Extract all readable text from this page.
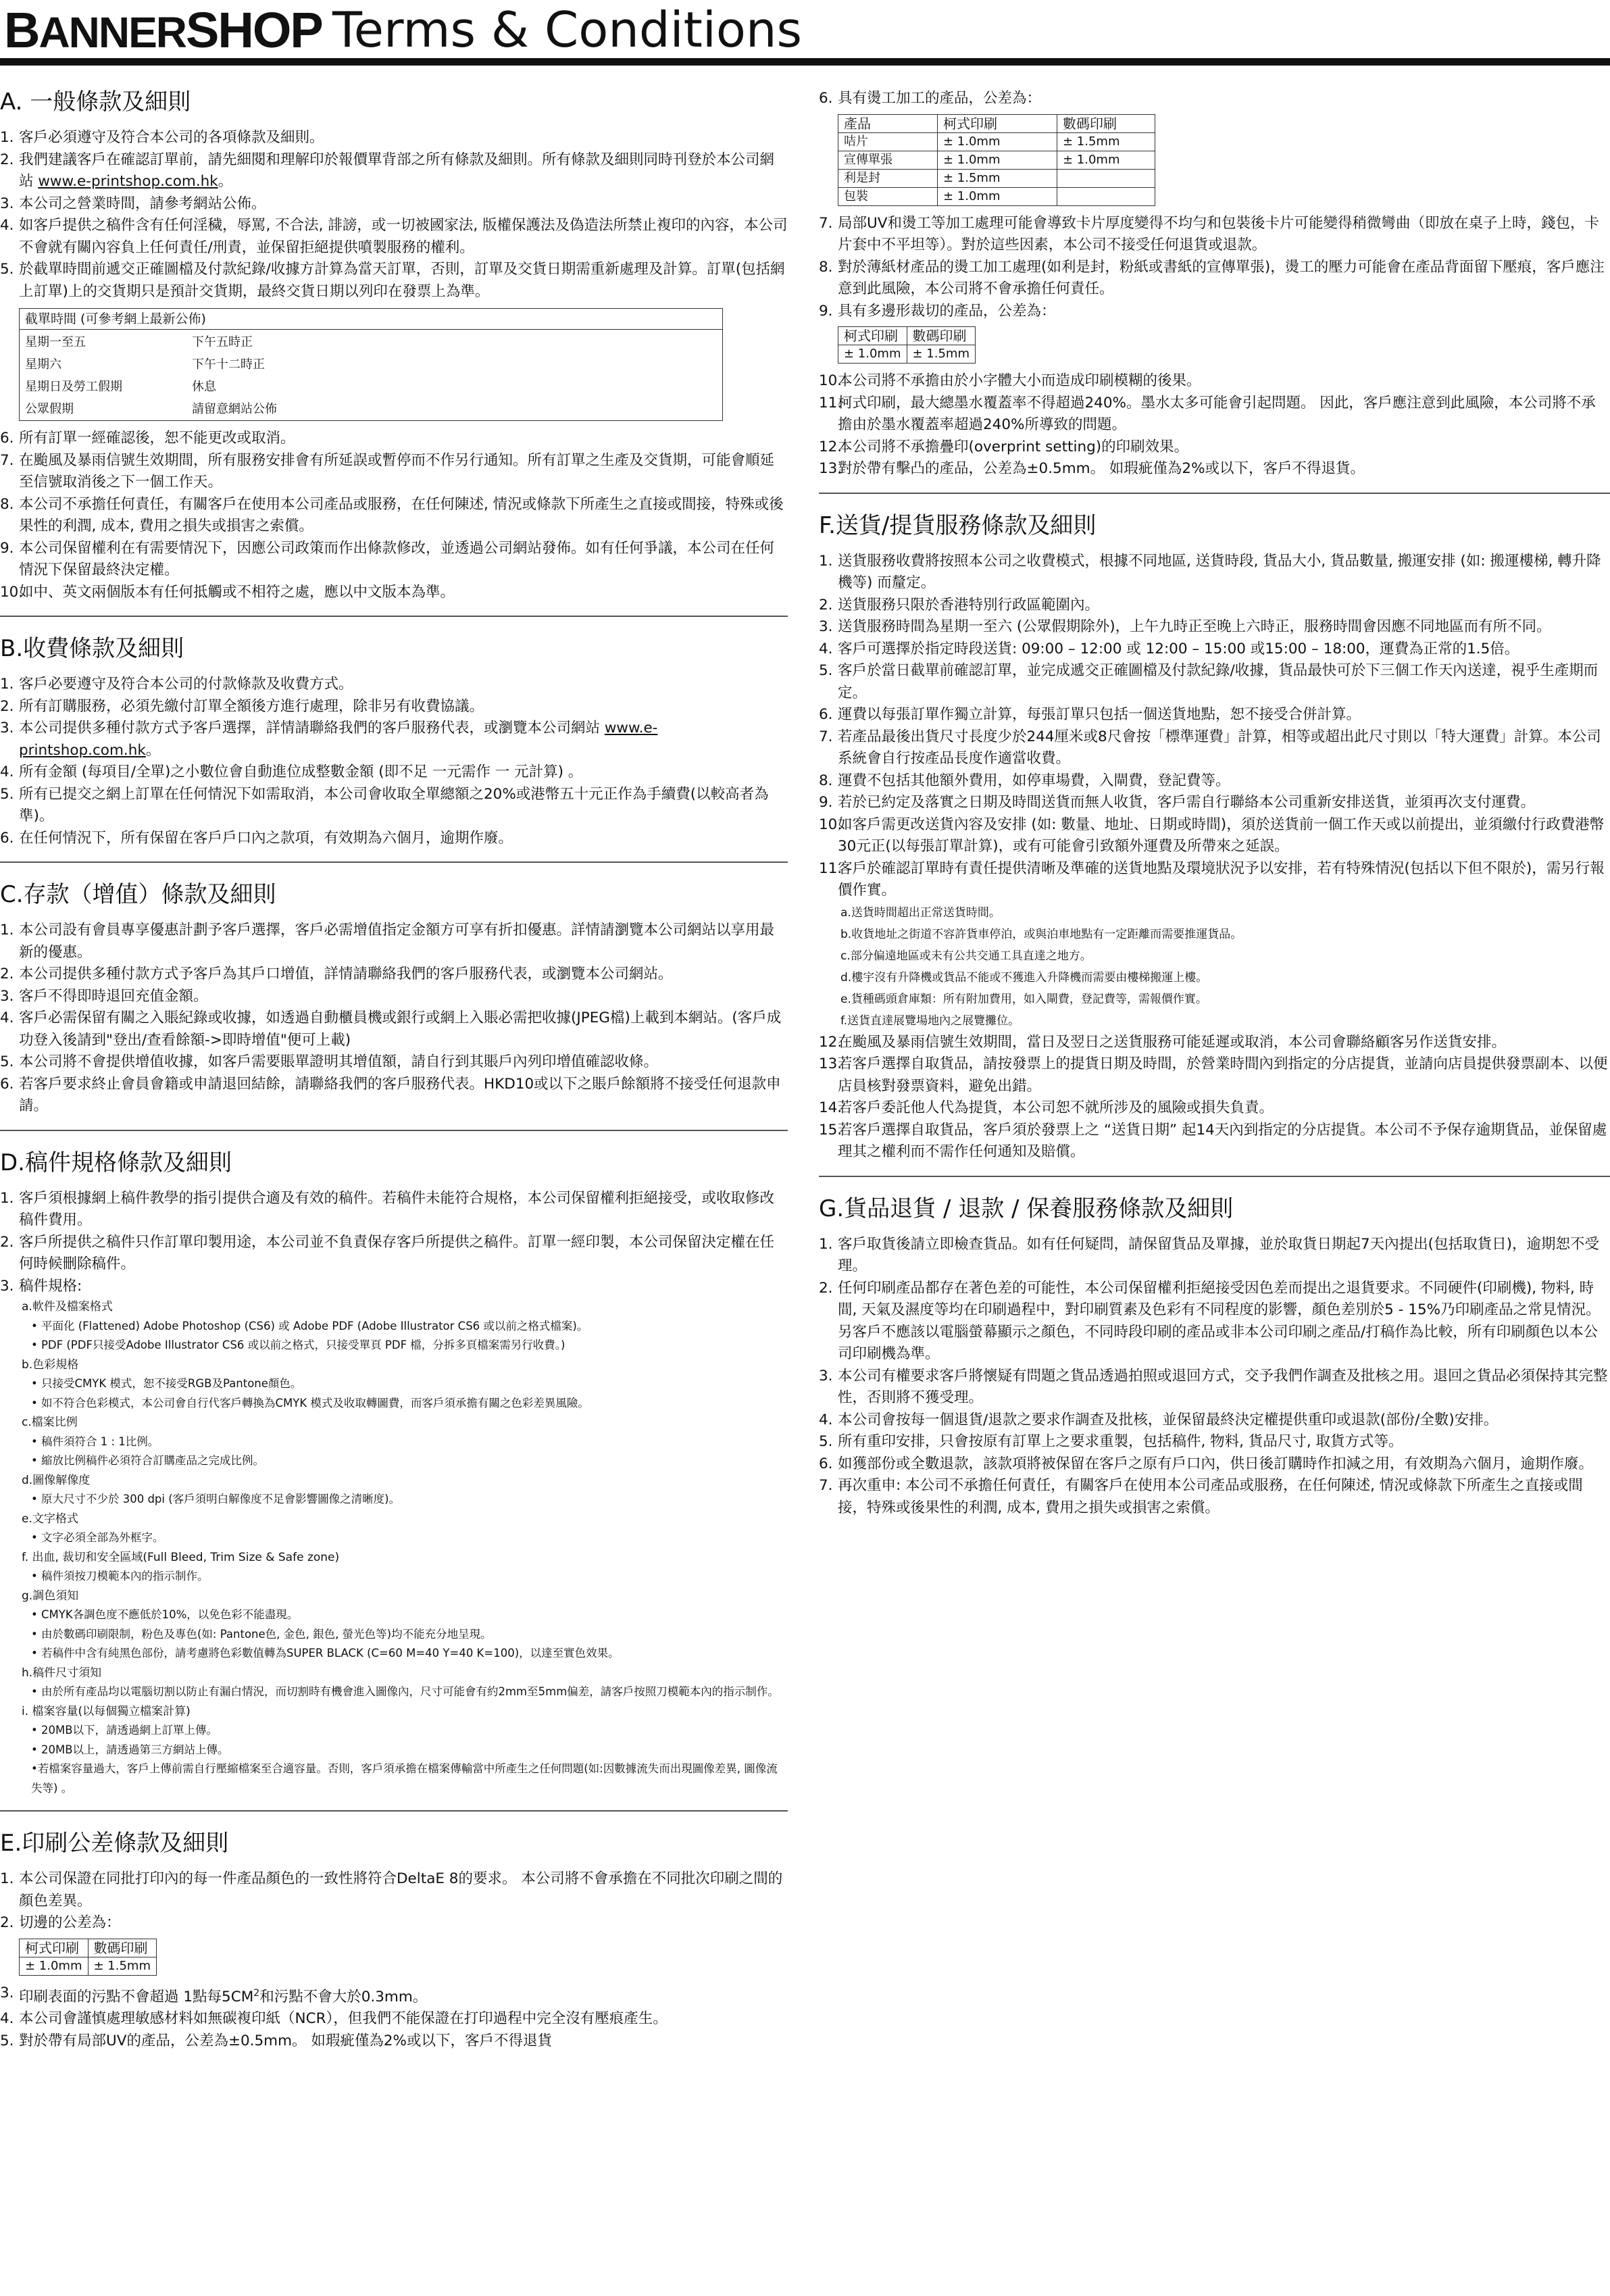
BANNERSHOP Terms & Conditions
A. 一般條款及細則
1. 客戶必須遵守及符合本公司的各項條款及細則。
2. 我們建議客戶在確認訂單前，請先細閱和理解印於報價單背部之所有條款及細則。所有條款及細則同時刊登於本公司網站 www.e-printshop.com.hk。
3. 本公司之營業時間，請參考網站公佈。
4. 如客戶提供之稿件含有任何淫穢，辱罵, 不合法, 誹謗，或一切被國家法, 版權保護法及偽造法所禁止複印的內容，本公司不會就有關內容負上任何責任/刑責，並保留拒絕提供噴製服務的權利。
5. 於截單時間前遞交正確圖檔及付款紀錄/收據方計算為當天訂單，否則，訂單及交貨日期需重新處理及計算。訂單(包括網上訂單)上的交貨期只是預計交貨期，最終交貨日期以列印在發票上為準。
截單時間 (可參考網上最新公佈)
星期一至五	下午五時正
星期六	下午十二時正
星期日及勞工假期	休息
公眾假期	請留意網站公佈
6. 所有訂單一經確認後，恕不能更改或取消。
7. 在颱風及暴雨信號生效期間，所有服務安排會有所延誤或暫停而不作另行通知。所有訂單之生產及交貨期，可能會順延至信號取消後之下一個工作天。
8. 本公司不承擔任何責任，有關客戶在使用本公司產品或服務，在任何陳述, 情況或條款下所產生之直接或間接，特殊或後果性的利潤, 成本, 費用之損失或損害之索償。
9. 本公司保留權利在有需要情況下，因應公司政策而作出條款修改，並透過公司網站發佈。如有任何爭議，本公司在任何情況下保留最終決定權。
10.
如中、英文兩個版本有任何抵觸或不相符之處，應以中文版本為準。
B.收費條款及細則
1. 客戶必要遵守及符合本公司的付款條款及收費方式。
2. 所有訂購服務，必須先繳付訂單全額後方進行處理，除非另有收費協議。
3. 本公司提供多種付款方式予客戶選擇，詳情請聯絡我們的客戶服務代表，或瀏覽本公司網站 www.e-printshop.com.hk。
4. 所有金額 (每項目/全單)之小數位會自動進位成整數金額 (即不足 一元需作 一 元計算) 。
5. 所有已提交之網上訂單在任何情況下如需取消，本公司會收取全單總額之20%或港幣五十元正作為手續費(以較高者為準)。
6. 在任何情況下，所有保留在客戶戶口內之款項，有效期為六個月，逾期作廢。
C.存款（增值）條款及細則
1. 本公司設有會員專享優惠計劃予客戶選擇，客戶必需增值指定金額方可享有折扣優惠。詳情請瀏覽本公司網站以享用最新的優惠。
2. 本公司提供多種付款方式予客戶為其戶口增值，詳情請聯絡我們的客戶服務代表，或瀏覽本公司網站。
3. 客戶不得即時退回充值金額。
4. 客戶必需保留有關之入賬紀錄或收據，如透過自動櫃員機或銀行或網上入賬必需把收據(JPEG檔)上載到本網站。(客戶成功登入後請到"登出/查看餘額->即時增值"便可上載)
5. 本公司將不會提供增值收據，如客戶需要賬單證明其增值額，請自行到其賬戶內列印增值確認收條。
6. 若客戶要求終止會員會籍或申請退回結餘，請聯絡我們的客戶服務代表。HKD10或以下之賬戶餘額將不接受任何退款申請。
D.稿件規格條款及細則
1. 客戶須根據網上稿件教學的指引提供合適及有效的稿件。若稿件未能符合規格，本公司保留權利拒絕接受，或收取修改稿件費用。
2. 客戶所提供之稿件只作訂單印製用途，本公司並不負責保存客戶所提供之稿件。訂單一經印製，本公司保留決定權在任何時候刪除稿件。
3. 稿件規格:
a.軟件及檔案格式
• 平面化 (Flattened) Adobe Photoshop (CS6) 或 Adobe PDF (Adobe Illustrator CS6 或以前之格式檔案)。
• PDF (PDF只接受Adobe Illustrator CS6 或以前之格式，只接受單頁 PDF 檔，分拆多頁檔案需另行收費。)
b.色彩規格
• 只接受CMYK 模式，恕不接受RGB及Pantone顏色。
• 如不符合色彩模式，本公司會自行代客戶轉換為CMYK 模式及收取轉圖費，而客戶須承擔有關之色彩差異風險。
c.檔案比例
• 稿件須符合 1 : 1比例。
• 縮放比例稿件必須符合訂購產品之完成比例。
d.圖像解像度
• 原大尺寸不少於 300 dpi (客戶須明白解像度不足會影響圖像之清晰度)。
e.文字格式
• 文字必須全部為外框字。
f. 出血, 裁切和安全區域(Full Bleed, Trim Size & Safe zone)
• 稿件須按刀模範本內的指示制作。
g.調色須知
• CMYK各調色度不應低於10%，以免色彩不能盡現。
• 由於數碼印刷限制，粉色及專色(如: Pantone色, 金色, 銀色, 螢光色等)均不能充分地呈現。
• 若稿件中含有純黑色部份，請考慮將色彩數值轉為SUPER BLACK (C=60 M=40 Y=40 K=100)，以達至實色效果。
h.稿件尺寸須知
• 由於所有產品均以電腦切割以防止有漏白情況，而切割時有機會進入圖像內，尺寸可能會有約2mm至5mm偏差，請客戶按照刀模範本內的指示制作。
i. 檔案容量(以每個獨立檔案計算)
• 20MB以下，請透過網上訂單上傳。
• 20MB以上，請透過第三方網站上傳。
•若檔案容量過大，客戶上傳前需自行壓縮檔案至合適容量。否則，客戶須承擔在檔案傳輸當中所產生之任何問題(如:因數據流失而出現圖像差異, 圖像流失等) 。
E.印刷公差條款及細則
1. 本公司保證在同批打印內的每一件產品顏色的一致性將符合DeltaE 8的要求。 本公司將不會承擔在不同批次印刷之間的顏色差異。
2. 切邊的公差為：
柯式印刷	數碼印刷
± 1.0mm	± 1.5mm
3. 印刷表面的污點不會超過 1點每$5CM^2$和污點不會大於0.3mm。
4. 本公司會謹慎處理敏感材料如無碳複印紙（NCR），但我們不能保證在打印過程中完全沒有壓痕產生。
5. 對於帶有局部UV的產品，公差為±0.5mm。 如瑕疵僅為2%或以下，客戶不得退貨
6. 具有燙工加工的產品，公差為：
產品	柯式印刷	數碼印刷
咭片	± 1.0mm	± 1.5mm
宣傳單張	± 1.0mm	± 1.0mm
利是封	± 1.5mm	
包裝	± 1.0mm	
7. 局部UV和燙工等加工處理可能會導致卡片厚度變得不均勻和包裝後卡片可能變得稍微彎曲（即放在桌子上時，錢包，卡片套中不平坦等）。對於這些因素，本公司不接受任何退貨或退款。
8. 對於薄紙材產品的燙工加工處理(如利是封，粉紙或書紙的宣傳單張)，燙工的壓力可能會在產品背面留下壓痕，客戶應注意到此風險，本公司將不會承擔任何責任。
9. 具有多邊形裁切的產品，公差為：
柯式印刷	數碼印刷
± 1.0mm	± 1.5mm
10.
本公司將不承擔由於小字體大小而造成印刷模糊的後果。
11.
柯式印刷，最大總墨水覆蓋率不得超過240%。墨水太多可能會引起問題。 因此，客戶應注意到此風險，本公司將不承擔由於墨水覆蓋率超過240%所導致的問題。
12.
本公司將不承擔疊印(overprint setting)的印刷效果。
13.
對於帶有擊凸的產品，公差為±0.5mm。 如瑕疵僅為2%或以下，客戶不得退貨。
F.送貨/提貨服務條款及細則
1. 送貨服務收費將按照本公司之收費模式，根據不同地區, 送貨時段, 貨品大小, 貨品數量, 搬運安排 (如: 搬運樓梯, 轉升降機等) 而釐定。
2. 送貨服務只限於香港特別行政區範圍內。
3. 送貨服務時間為星期一至六 (公眾假期除外)，上午九時正至晚上六時正，服務時間會因應不同地區而有所不同。
4. 客戶可選擇於指定時段送貨: 09:00 – 12:00 或 12:00 – 15:00 或15:00 – 18:00，運費為正常的1.5倍。
5. 客戶於當日截單前確認訂單，並完成遞交正確圖檔及付款紀錄/收據，貨品最快可於下三個工作天內送達，視乎生產期而定。
6. 運費以每張訂單作獨立計算，每張訂單只包括一個送貨地點，恕不接受合併計算。
7. 若產品最後出貨尺寸長度少於244厘米或8尺會按「標準運費」計算，相等或超出此尺寸則以「特大運費」計算。本公司系統會自行按產品長度作適當收費。
8. 運費不包括其他額外費用，如停車場費，入閘費，登記費等。
9. 若於已約定及落實之日期及時間送貨而無人收貨，客戶需自行聯絡本公司重新安排送貨，並須再次支付運費。
10.
如客戶需更改送貨內容及安排 (如: 數量、地址、日期或時間)，須於送貨前一個工作天或以前提出，並須繳付行政費港幣30元正(以每張訂單計算)，或有可能會引致額外運費及所帶來之延誤。
11.
客戶於確認訂單時有責任提供清晰及準確的送貨地點及環境狀況予以安排，若有特殊情況(包括以下但不限於)，需另行報價作實。
a.送貨時間超出正常送貨時間。
b.收貨地址之街道不容許貨車停泊，或與泊車地點有一定距離而需要推運貨品。
c.部分偏遠地區或未有公共交通工具直達之地方。
d.樓宇沒有升降機或貨品不能或不獲進入升降機而需要由樓梯搬運上樓。
e.貨種碼頭倉庫類：所有附加費用，如入閘費，登記費等，需報價作實。
f.送貨直達展覽場地內之展覽攤位。
12.
在颱風及暴雨信號生效期間，當日及翌日之送貨服務可能延遲或取消，本公司會聯絡顧客另作送貨安排。
13.
若客戶選擇自取貨品，請按發票上的提貨日期及時間，於營業時間內到指定的分店提貨，並請向店員提供發票副本、以便店員核對發票資料，避免出錯。
14.
若客戶委託他人代為提貨，本公司恕不就所涉及的風險或損失負責。
15.
若客戶選擇自取貨品，客戶須於發票上之 “送貨日期” 起14天內到指定的分店提貨。本公司不予保存逾期貨品，並保留處理其之權利而不需作任何通知及賠償。
G.貨品退貨 / 退款 / 保養服務條款及細則
1. 客戶取貨後請立即檢查貨品。如有任何疑問，請保留貨品及單據，並於取貨日期起7天內提出(包括取貨日)，逾期恕不受理。
2. 任何印刷產品都存在著色差的可能性，本公司保留權利拒絕接受因色差而提出之退貨要求。不同硬件(印刷機), 物料, 時間, 天氣及濕度等均在印刷過程中，對印刷質素及色彩有不同程度的影響，顏色差別於5 - 15%乃印刷產品之常見情況。另客戶不應該以電腦螢幕顯示之顏色，不同時段印刷的產品或非本公司印刷之產品/打稿作為比較，所有印刷顏色以本公司印刷機為準。
3. 本公司有權要求客戶將懷疑有問題之貨品透過拍照或退回方式，交予我們作調查及批核之用。退回之貨品必須保持其完整性，否則將不獲受理。
4. 本公司會按每一個退貨/退款之要求作調查及批核，並保留最終決定權提供重印或退款(部份/全數)安排。
5. 所有重印安排，只會按原有訂單上之要求重製，包括稿件, 物料, 貨品尺寸, 取貨方式等。
6. 如獲部份或全數退款，該款項將被保留在客戶之原有戶口內，供日後訂購時作扣減之用，有效期為六個月，逾期作廢。
7. 再次重申: 本公司不承擔任何責任，有關客戶在使用本公司產品或服務，在任何陳述, 情況或條款下所產生之直接或間接，特殊或後果性的利潤, 成本, 費用之損失或損害之索償。
